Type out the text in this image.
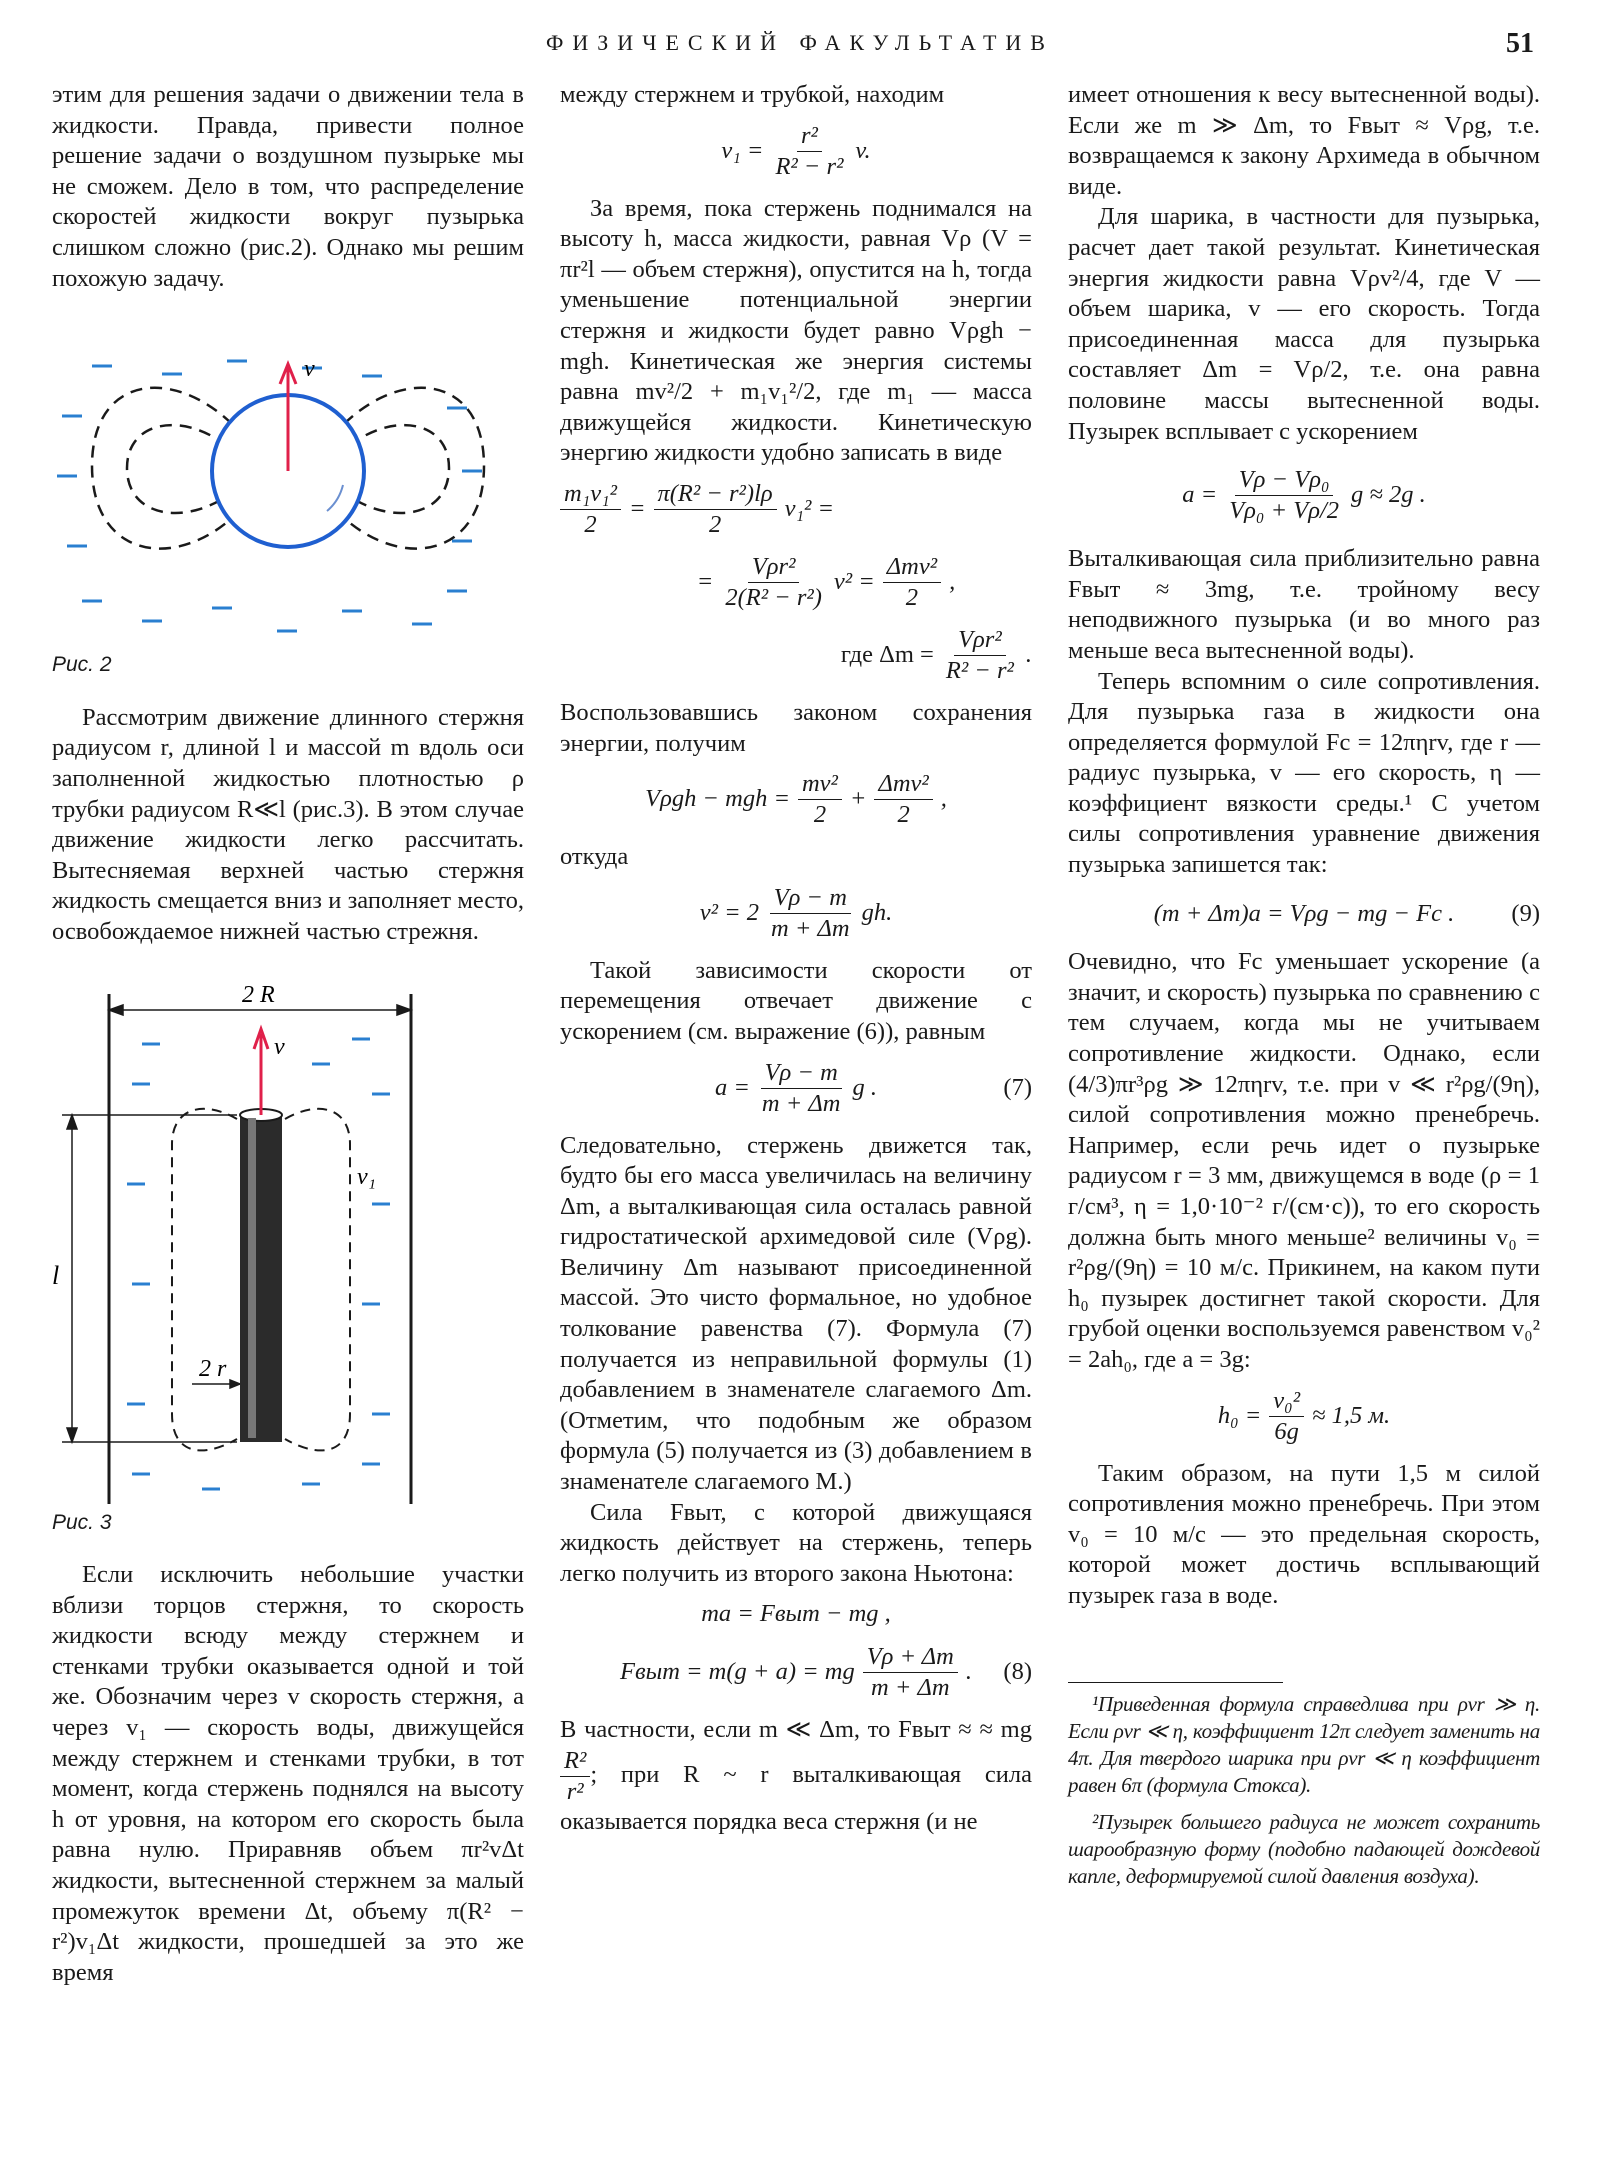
ФИЗИЧЕСКИЙ ФАКУЛЬТАТИВ	51

этим для решения задачи о движении тела в жидкости. Правда, привести полное решение задачи о воздушном пузырьке мы не сможем. Дело в том, что распределение скоростей жидкости вокруг пузырька слишком сложно (рис.2). Однако мы решим похожую задачу.

v
Рис. 2

Рассмотрим движение длинного стержня радиусом r, длиной l и массой m вдоль оси заполненной жидкостью плотностью ρ трубки радиусом R≪l (рис.3). В этом случае движение жидкости легко рассчитать. Вытесняемая верхней частью стержня жидкость смещается вниз и заполняет место, освобождаемое нижней частью стрежня.

2 R
l
2 r
v
v₁
Рис. 3

Если исключить небольшие участки вблизи торцов стержня, то скорость жидкости всюду между стержнем и стенками трубки оказывается одной и той же. Обозначим через v скорость стержня, а через v₁ — скорость воды, движущейся между стержнем и стенками трубки, в тот момент, когда стержень поднялся на высоту h от уровня, на котором его скорость была равна нулю. Приравняв объем πr²vΔt жидкости, вытесненной стержнем за малый промежуток времени Δt, объему π(R² − r²)v₁Δt жидкости, прошедшей за это же время

между стержнем и трубкой, находим

$v_1 = \frac{\text{r²}}{\text{R² − r²}} v$.

За время, пока стержень поднимался на высоту h, масса жидкости, равная Vρ (V = πr²l — объем стержня), опустится на h, тогда уменьшение потенциальной энергии стержня и жидкости будет равно Vρgh − mgh. Кинетическая же энергия системы равна mv²/2 + m₁v₁²/2, где m₁ — масса движущейся жидкости. Кинетическую энергию жидкости удобно записать в виде

$\frac{\text{m₁v₁²}}{2} = \frac{\text{π(R² − r²)lρ}}{2} v_1^2$ =
=
Vρr²
2(R² − r²)
v² =
Δmv²
2
,
где Δm =
Vρr²
R² − r²
.

Воспользовавшись законом сохранения энергии, получим

Vρgh − mgh = $\frac{\text{mv²}}{2}$ +
Δmv²
2
,

откуда

v² = 2
Vρ − m
m + Δm
gh.

Такой зависимости скорости от перемещения отвечает движение с ускорением (см. выражение (6)), равным

$a = \frac{V\rho - m}{m + \Delta m}$ g .	(7)

Следовательно, стержень движется так, будто бы его масса увеличилась на величину Δm, а выталкивающая сила осталась равной гидростатической архимедовой силе (Vρg). Величину Δm называют присоединенной массой. Это чисто формальное, но удобное толкование равенства (7). Формула (7) получается из неправильной формулы (1) добавлением в знаменателе слагаемого Δm. (Отметим, что подобным же образом формула (5) получается из (3) добавлением в знаменателе слагаемого M.)

Сила Fвыт, с которой движущаяся жидкость действует на стержень, теперь легко получить из второго закона Ньютона:

ma = Fвыт − mg ,
Fвыт = m(g + a) = mg
Vρ + Δm
m + Δm
. (8)

В частности, если m ≪ Δm, то Fвыт ≈ ≈ mg
$\frac{\text{R²}}{\text{r²}}$ ; при R ~ r выталкивающая сила оказывается порядка веса стержня (и не

имеет отношения к весу вытесненной воды). Если же m ≫ Δm, то Fвыт ≈ Vρg, т.е. возвращаемся к закону Архимеда в обычном виде.

Для шарика, в частности для пузырька, расчет дает такой результат. Кинетическая энергия жидкости равна Vρv²/4, где V — объем шарика, v — его скорость. Тогда присоединенная масса для пузырька составляет Δm = Vρ/2, т.е. она равна половине массы вытесненной воды. Пузырек всплывает с ускорением

$a = \frac{\text{Vρ − Vρ₀}}{\text{Vρ₀ + Vρ/2}}$ g ≈ 2g .

Выталкивающая сила приблизительно равна Fвыт ≈ 3mg, т.е. тройному весу неподвижного пузырька (и во много раз меньше веса вытесненной воды).

Теперь вспомним о силе сопротивления. Для пузырька газа в жидкости она определяется формулой Fc = 12πηrv, где r — радиус пузырька, v — его скорость, η — коэффициент вязкости среды.¹ С учетом силы сопротивления уравнение движения пузырька запишется так:

(m + Δm)a = Vρg − mg − Fc . (9)

Очевидно, что Fc уменьшает ускорение (а значит, и скорость) пузырька по сравнению с тем случаем, когда мы не учитываем сопротивление жидкости. Однако, если (4/3)πr³ρg ≫ 12πηrv, т.е. при v ≪ r²ρg/(9η), силой сопротивления можно пренебречь. Например, если речь идет о пузырьке радиусом r = 3 мм, движущемся в воде (ρ = 1 г/см³, η = 1,0·10⁻² г/(см·с)), то его скорость должна быть много меньше² величины v₀ = r²ρg/(9η) = 10 м/с. Прикинем, на каком пути h₀ пузырек достигнет такой скорости. Для грубой оценки воспользуемся равенством v₀² = 2ah₀, где a = 3g:

$h_0 = \frac{\text{v₀²}}{6g} \approx 1,5$ м.

Таким образом, на пути 1,5 м силой сопротивления можно пренебречь. При этом v₀ = 10 м/с — это предельная скорость, которой может достичь всплывающий пузырек газа в воде.

¹Приведенная формула справедлива при ρvr ≫ η. Если ρvr ≪ η, коэффициент 12π следует заменить на 4π. Для твердого шарика при ρvr ≪ η коэффициент равен 6π (формула Стокса).

²Пузырек большего радиуса не может сохранить шарообразную форму (подобно падающей дождевой капле, деформируемой силой давления воздуха).
